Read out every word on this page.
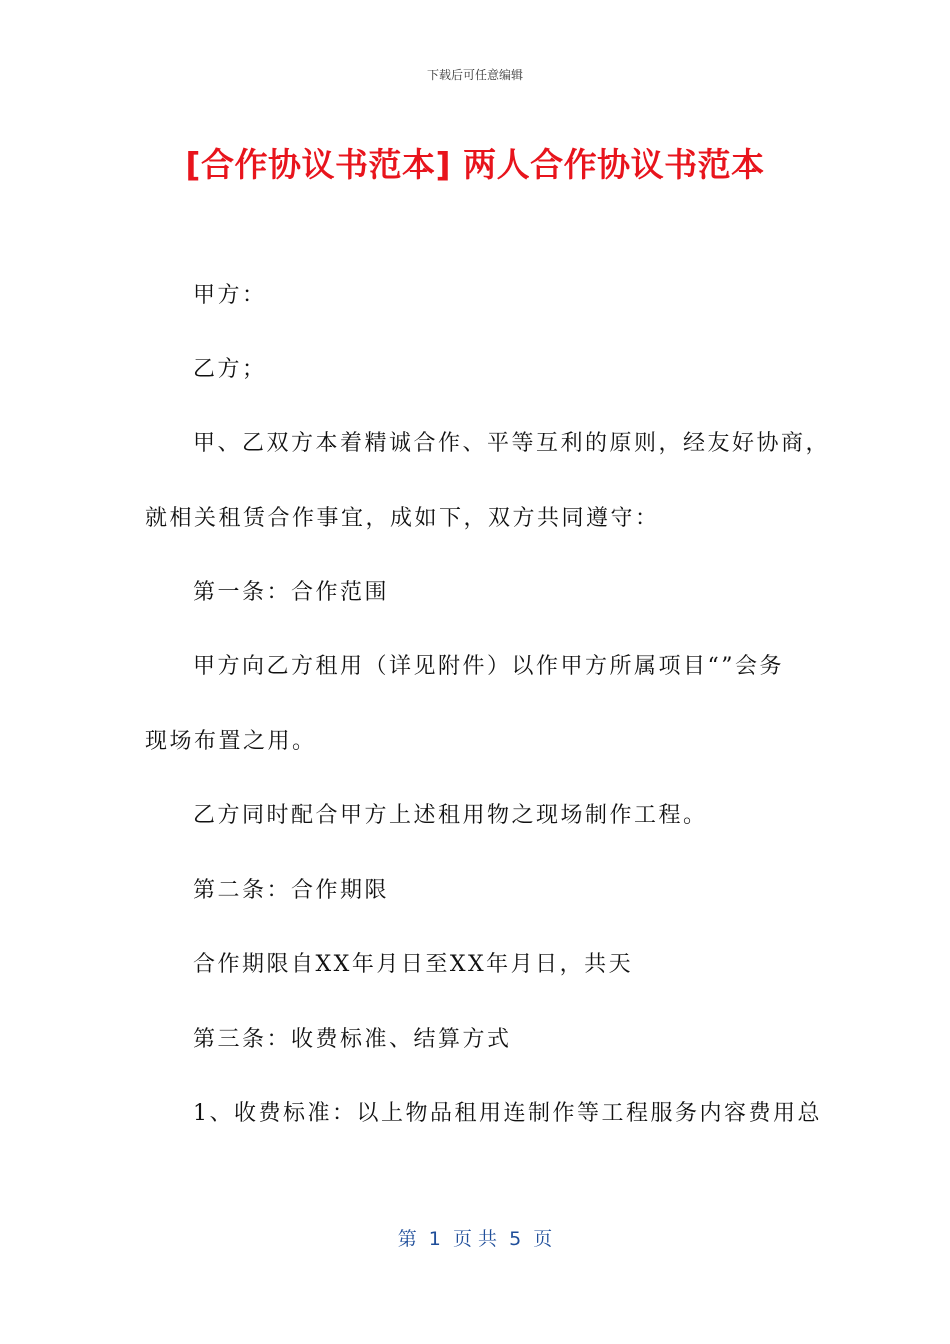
下载后可任意编辑
[合作协议书范本] 两人合作协议书范本

甲方：

乙方；

甲、乙双方本着精诚合作、平等互利的原则，经友好协商，

就相关租赁合作事宜，成如下，双方共同遵守：

第一条：合作范围

甲方向乙方租用（详见附件）以作甲方所属项目“”会务

现场布置之用。

乙方同时配合甲方上述租用物之现场制作工程。

第二条：合作期限

合作期限自XX年月日至XX年月日，共天

第三条：收费标准、结算方式

1、收费标准：以上物品租用连制作等工程服务内容费用总

第  1  页 共  5  页
